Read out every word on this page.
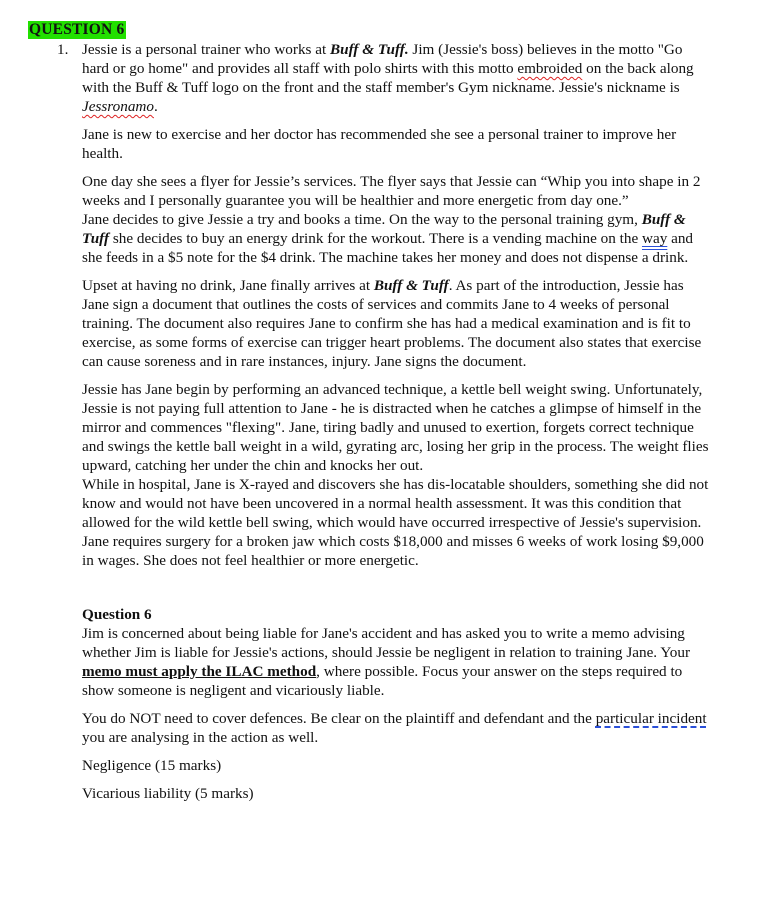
QUESTION 6
1. Jessie is a personal trainer who works at Buff & Tuff. Jim (Jessie's boss) believes in the motto "Go hard or go home" and provides all staff with polo shirts with this motto embroided on the back along with the Buff & Tuff logo on the front and the staff member's Gym nickname. Jessie's nickname is Jessronamo.

Jane is new to exercise and her doctor has recommended she see a personal trainer to improve her health.

One day she sees a flyer for Jessie’s services. The flyer says that Jessie can “Whip you into shape in 2 weeks and I personally guarantee you will be healthier and more energetic from day one.”

Jane decides to give Jessie a try and books a time. On the way to the personal training gym, Buff & Tuff she decides to buy an energy drink for the workout. There is a vending machine on the way and she feeds in a $5 note for the $4 drink. The machine takes her money and does not dispense a drink.

Upset at having no drink, Jane finally arrives at Buff & Tuff. As part of the introduction, Jessie has Jane sign a document that outlines the costs of services and commits Jane to 4 weeks of personal training. The document also requires Jane to confirm she has had a medical examination and is fit to exercise, as some forms of exercise can trigger heart problems. The document also states that exercise can cause soreness and in rare instances, injury. Jane signs the document.

Jessie has Jane begin by performing an advanced technique, a kettle bell weight swing. Unfortunately, Jessie is not paying full attention to Jane - he is distracted when he catches a glimpse of himself in the mirror and commences "flexing". Jane, tiring badly and unused to exertion, forgets correct technique and swings the kettle ball weight in a wild, gyrating arc, losing her grip in the process. The weight flies upward, catching her under the chin and knocks her out.

While in hospital, Jane is X-rayed and discovers she has dis-locatable shoulders, something she did not know and would not have been uncovered in a normal health assessment. It was this condition that allowed for the wild kettle bell swing, which would have occurred irrespective of Jessie's supervision.

Jane requires surgery for a broken jaw which costs $18,000 and misses 6 weeks of work losing $9,000 in wages. She does not feel healthier or more energetic.

Question 6

Jim is concerned about being liable for Jane's accident and has asked you to write a memo advising whether Jim is liable for Jessie's actions, should Jessie be negligent in relation to training Jane. Your memo must apply the ILAC method, where possible. Focus your answer on the steps required to show someone is negligent and vicariously liable.

You do NOT need to cover defences. Be clear on the plaintiff and defendant and the particular incident you are analysing in the action as well.

Negligence (15 marks)

Vicarious liability (5 marks)
